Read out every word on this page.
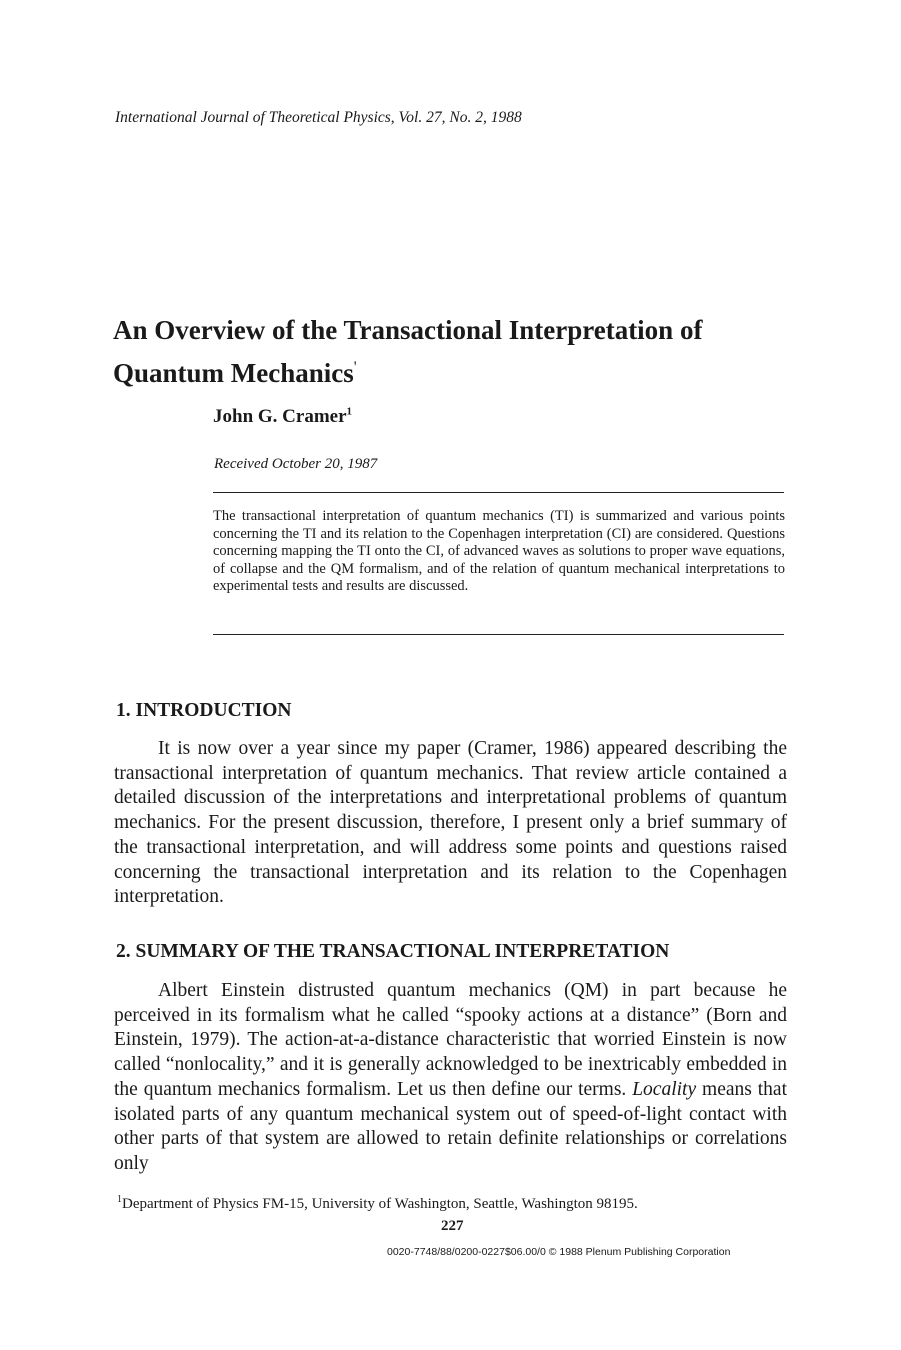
International Journal of Theoretical Physics, Vol. 27, No. 2, 1988
An Overview of the Transactional Interpretation of
Quantum Mechanics'
John G. Cramer$^1$
Received October 20, 1987
The transactional interpretation of quantum mechanics (TI) is summarized and various points concerning the TI and its relation to the Copenhagen interpretation (CI) are considered. Questions concerning mapping the TI onto the CI, of advanced waves as solutions to proper wave equations, of collapse and the QM formalism, and of the relation of quantum mechanical interpretations to experimental tests and results are discussed.
1. INTRODUCTION
It is now over a year since my paper (Cramer, 1986) appeared describing the transactional interpretation of quantum mechanics. That review article contained a detailed discussion of the interpretations and interpretational problems of quantum mechanics. For the present discussion, therefore, I present only a brief summary of the transactional interpretation, and will address some points and questions raised concerning the transactional interpretation and its relation to the Copenhagen interpretation.
2. SUMMARY OF THE TRANSACTIONAL INTERPRETATION
Albert Einstein distrusted quantum mechanics (QM) in part because he perceived in its formalism what he called “spooky actions at a distance” (Born and Einstein, 1979). The action-at-a-distance characteristic that worried Einstein is now called “nonlocality,” and it is generally acknowledged to be inextricably embedded in the quantum mechanics formalism. Let us then define our terms. Locality means that isolated parts of any quantum mechanical system out of speed-of-light contact with other parts of that system are allowed to retain definite relationships or correlations only
$^1$Department of Physics FM-15, University of Washington, Seattle, Washington 98195.
227
0020-7748/88/0200-0227$06.00/0 © 1988 Plenum Publishing Corporation
